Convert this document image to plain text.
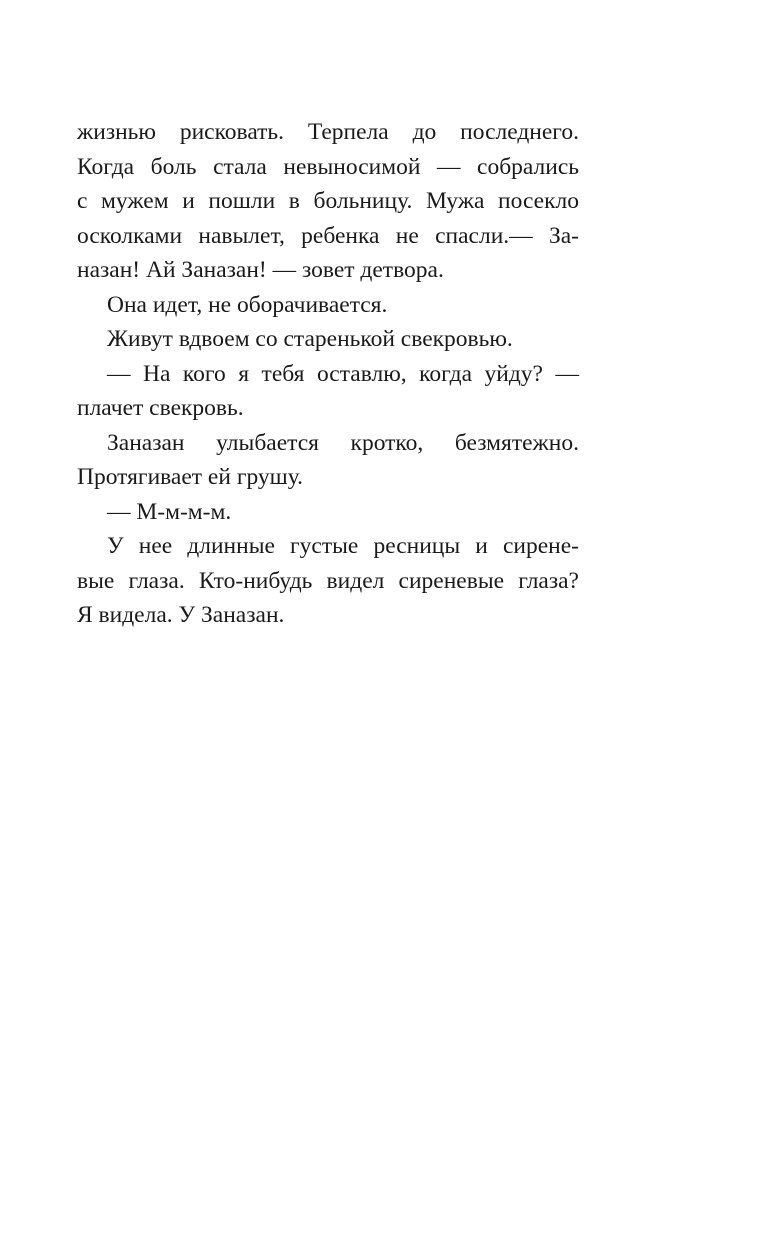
жизнью рисковать. Терпела до последнего.
Когда боль стала невыносимой — собрались
с мужем и пошли в больницу. Мужа посекло
осколками навылет, ребенка не спасли.— За-
назан! Ай Заназан! — зовет детвора.
Она идет, не оборачивается.
Живут вдвоем со старенькой свекровью.
— На кого я тебя оставлю, когда уйду? —
плачет свекровь.
Заназан улыбается кротко, безмятежно.
Протягивает ей грушу.
— М-м-м-м.
У нее длинные густые ресницы и сирене-
вые глаза. Кто-нибудь видел сиреневые глаза?
Я видела. У Заназан.
